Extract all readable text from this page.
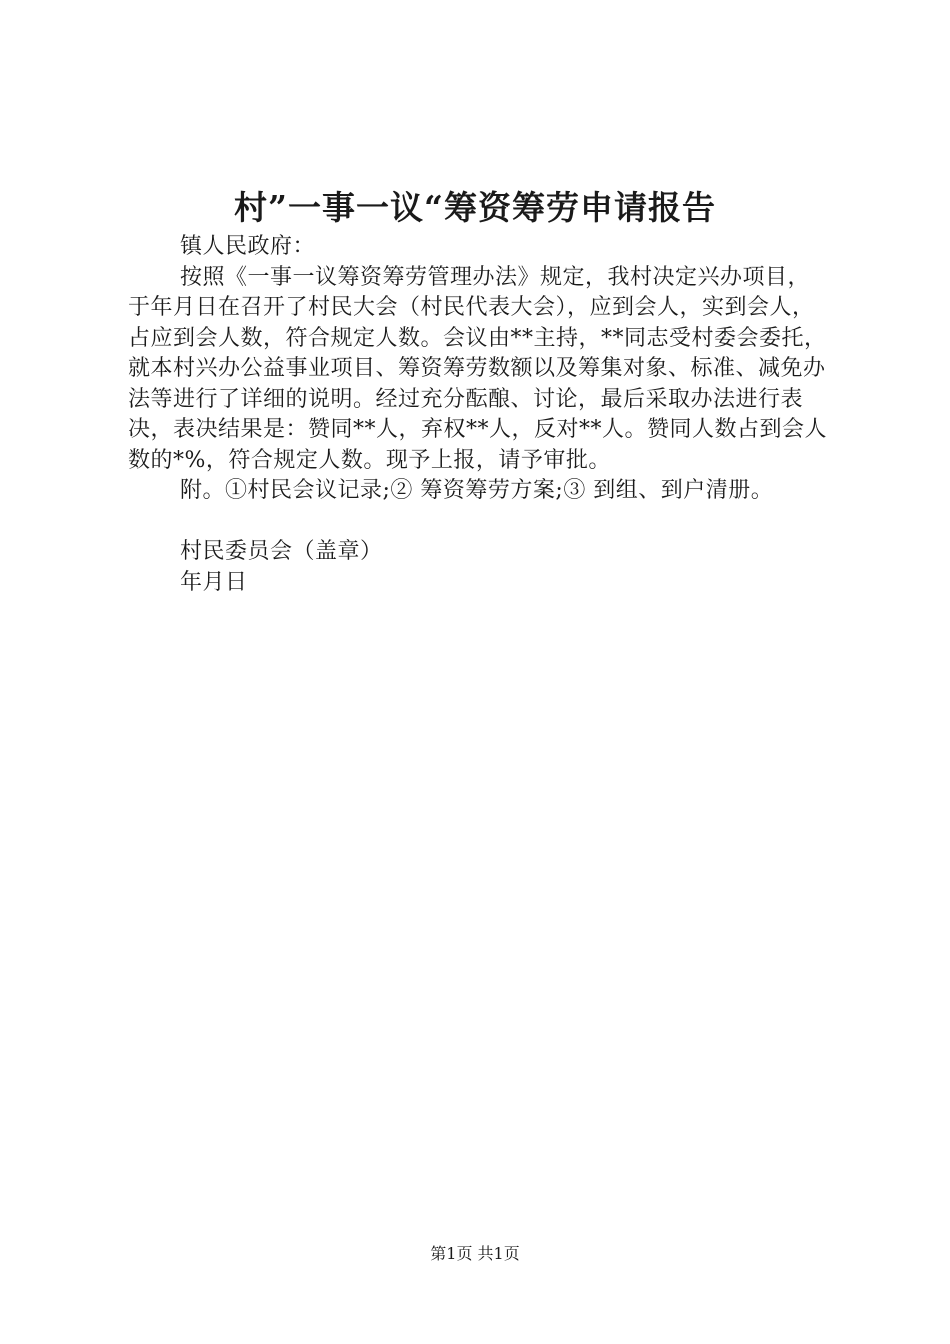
村”一事一议“筹资筹劳申请报告

镇人民政府：

按照《一事一议筹资筹劳管理办法》规定，我村决定兴办项目，于年月日在召开了村民大会（村民代表大会），应到会人，实到会人，占应到会人数，符合规定人数。会议由**主持，**同志受村委会委托，就本村兴办公益事业项目、筹资筹劳数额以及筹集对象、标准、减免办法等进行了详细的说明。经过充分酝酿、讨论，最后采取办法进行表决，表决结果是：赞同**人，弃权**人，反对**人。赞同人数占到会人数的*%，符合规定人数。现予上报，请予审批。

附。①村民会议记录;② 筹资筹劳方案;③ 到组、到户清册。

村民委员会（盖章）

年月日

第1页 共1页
